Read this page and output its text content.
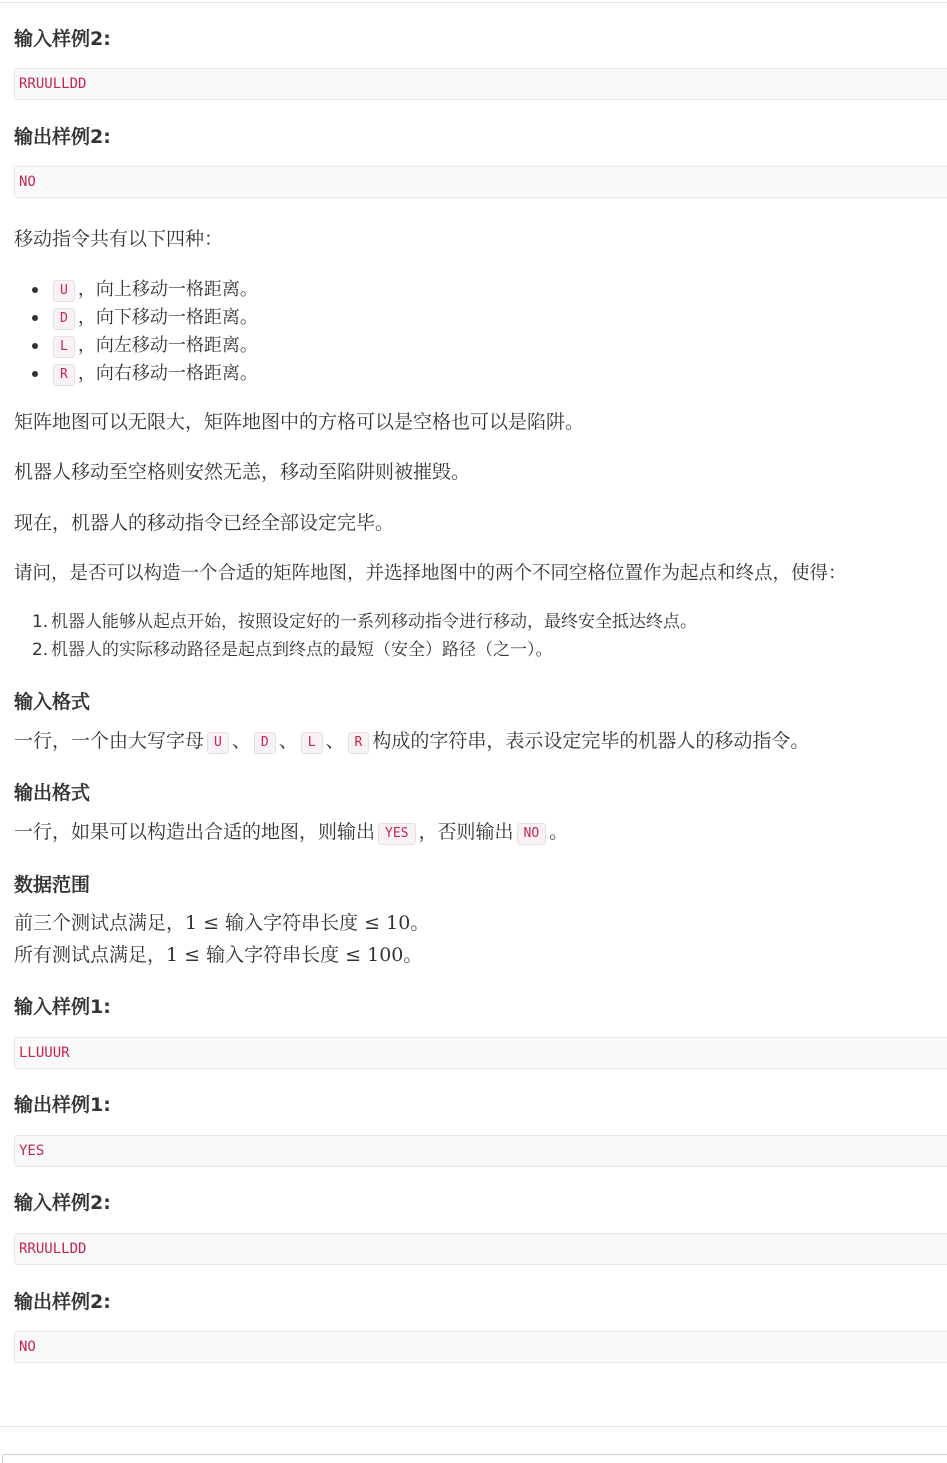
输入样例2:
RRUULLDD
输出样例2:
NO
移动指令共有以下四种：
U ，向上移动一格距离。
D ，向下移动一格距离。
L ，向左移动一格距离。
R ，向右移动一格距离。
矩阵地图可以无限大，矩阵地图中的方格可以是空格也可以是陷阱。
机器人移动至空格则安然无恙，移动至陷阱则被摧毁。
现在，机器人的移动指令已经全部设定完毕。
请问，是否可以构造一个合适的矩阵地图，并选择地图中的两个不同空格位置作为起点和终点，使得：
1. 机器人能够从起点开始，按照设定好的一系列移动指令进行移动，最终安全抵达终点。
2. 机器人的实际移动路径是起点到终点的最短（安全）路径（之一）。
输入格式
一行，一个由大写字母 U 、 D 、 L 、 R 构成的字符串，表示设定完毕的机器人的移动指令。
输出格式
一行，如果可以构造出合适的地图，则输出 YES ，否则输出 NO 。
数据范围
前三个测试点满足，1 ≤ 输入字符串长度 ≤ 10。
所有测试点满足，1 ≤ 输入字符串长度 ≤ 100。
输入样例1:
LLUUUR
输出样例1:
YES
输入样例2:
RRUULLDD
输出样例2:
NO
